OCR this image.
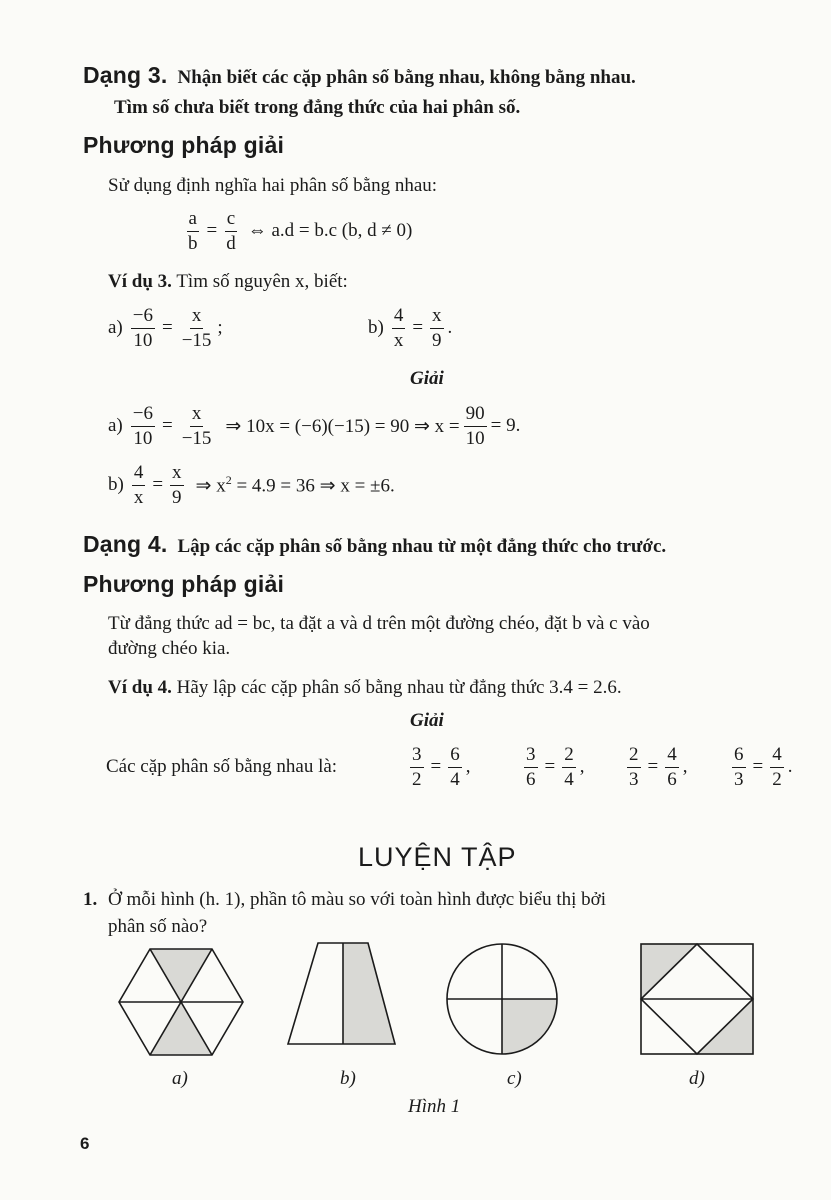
Dạng 3. Nhận biết các cặp phân số bằng nhau, không bằng nhau.
Tìm số chưa biết trong đẳng thức của hai phân số.
Phương pháp giải
Sử dụng định nghĩa hai phân số bằng nhau:
$\frac{a}{b} = \frac{c}{d}$ ⇔ a.d = b.c (b, d ≠ 0)
Ví dụ 3. Tìm số nguyên x, biết:
$a) \frac{-6}{10} = \frac{x}{-15}$ ;	$b) \frac{4}{x} = \frac{x}{9}$ .
Giải
$a) \frac{-6}{10} = \frac{x}{-15}$ ⇒ 10x = (−6)(−15) = 90 ⇒ $x = \frac{90}{10} = 9$.
$b) \frac{4}{x} = \frac{x}{9}$ ⇒ $x^2 = 4.9 = 36$ ⇒ x = ±6.
Dạng 4. Lập các cặp phân số bằng nhau từ một đẳng thức cho trước.
Phương pháp giải
Từ đẳng thức ad = bc, ta đặt a và d trên một đường chéo, đặt b và c vào
đường chéo kia.
Ví dụ 4. Hãy lập các cặp phân số bằng nhau từ đẳng thức 3.4 = 2.6.
Giải
Các cặp phân số bằng nhau là:	$\frac{3}{2} = \frac{6}{4}$ ,	$\frac{3}{6} = \frac{2}{4}$ , $\frac{2}{3} = \frac{4}{6}$ , $\frac{6}{3} = \frac{4}{2}$ .
LUYỆN TẬP
1. Ở mỗi hình (h. 1), phần tô màu so với toàn hình được biểu thị bởi
phân số nào?
a)	b)	c)	d)
Hình 1
6
